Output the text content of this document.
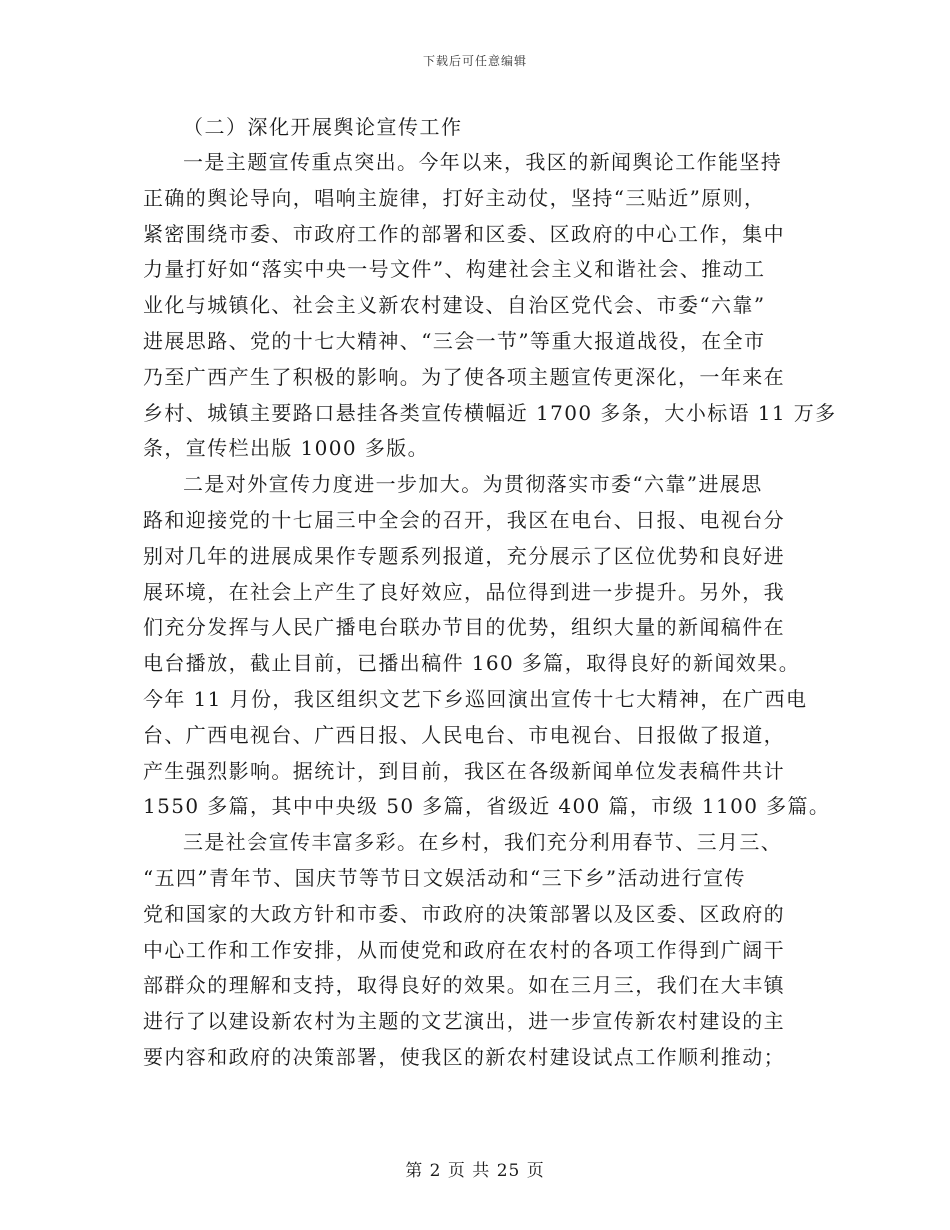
下载后可任意编辑

（二）深化开展舆论宣传工作

一是主题宣传重点突出。今年以来，我区的新闻舆论工作能坚持
正确的舆论导向，唱响主旋律，打好主动仗，坚持“三贴近”原则，
紧密围绕市委、市政府工作的部署和区委、区政府的中心工作，集中
力量打好如“落实中央一号文件”、构建社会主义和谐社会、推动工
业化与城镇化、社会主义新农村建设、自治区党代会、市委“六靠”
进展思路、党的十七大精神、“三会一节”等重大报道战役，在全市
乃至广西产生了积极的影响。为了使各项主题宣传更深化，一年来在
乡村、城镇主要路口悬挂各类宣传横幅近 1700 多条，大小标语 11 万多
条，宣传栏出版 1000 多版。

二是对外宣传力度进一步加大。为贯彻落实市委“六靠”进展思
路和迎接党的十七届三中全会的召开，我区在电台、日报、电视台分
别对几年的进展成果作专题系列报道，充分展示了区位优势和良好进
展环境，在社会上产生了良好效应，品位得到进一步提升。另外，我
们充分发挥与人民广播电台联办节目的优势，组织大量的新闻稿件在
电台播放，截止目前，已播出稿件 160 多篇，取得良好的新闻效果。
今年 11 月份，我区组织文艺下乡巡回演出宣传十七大精神，在广西电
台、广西电视台、广西日报、人民电台、市电视台、日报做了报道，
产生强烈影响。据统计，到目前，我区在各级新闻单位发表稿件共计
1550 多篇，其中中央级 50 多篇，省级近 400 篇，市级 1100 多篇。

三是社会宣传丰富多彩。在乡村，我们充分利用春节、三月三、
“五四”青年节、国庆节等节日文娱活动和“三下乡”活动进行宣传
党和国家的大政方针和市委、市政府的决策部署以及区委、区政府的
中心工作和工作安排，从而使党和政府在农村的各项工作得到广阔干
部群众的理解和支持，取得良好的效果。如在三月三，我们在大丰镇
进行了以建设新农村为主题的文艺演出，进一步宣传新农村建设的主
要内容和政府的决策部署，使我区的新农村建设试点工作顺利推动；

第 2 页 共 25 页
